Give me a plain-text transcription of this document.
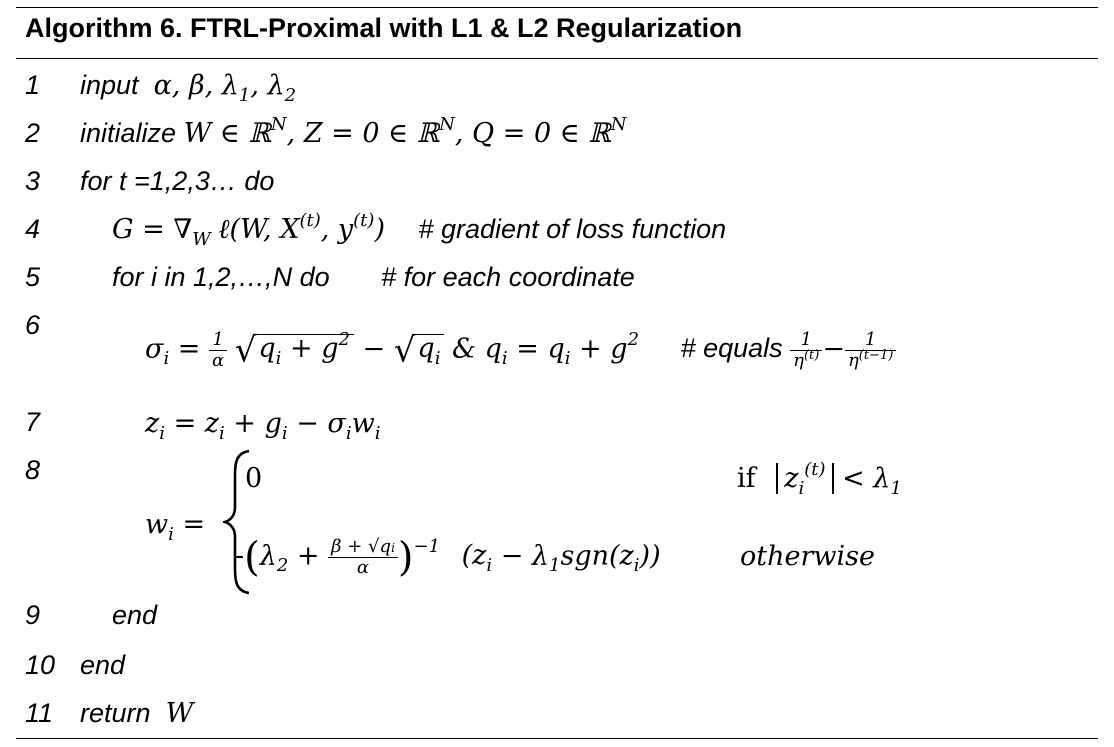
Algorithm 6. FTRL-Proximal with L1 & L2 Regularization
1
2
3
4
5
6
7
8
9
10
11
input α, β, $\lambda_1$, $\lambda_2$
initialize W ∈ ℝ$^N$, Z = 0 ∈ ℝ$^N$, Q = 0 ∈ ℝ$^N$
for t =1,2,3… do
$G = \nabla_W$ ℓ(W, $X^{(t)}$, $y^{(t)}$) # gradient of loss function
for i in 1,2,…,N do # for each coordinate
$\sigma_i = \frac{1}{\alpha} √q_i + g^2 - √q_i$ & $q_i = q_i + g^2$ # equals $\frac{1}{\eta^{(t)}} - \frac{1}{\eta^{(t-1)}}$
$z_i = z_i + g_i - \sigma_iw_i$
$w_i$ =
0	if $z_i^{(t)} < \lambda_1$
$-(\lambda_2 + \frac{\beta + √qi}{\alpha} )^{-1}$ $(z_i - \lambda_1sgn(z_i))$	otherwise
end
end
return W
